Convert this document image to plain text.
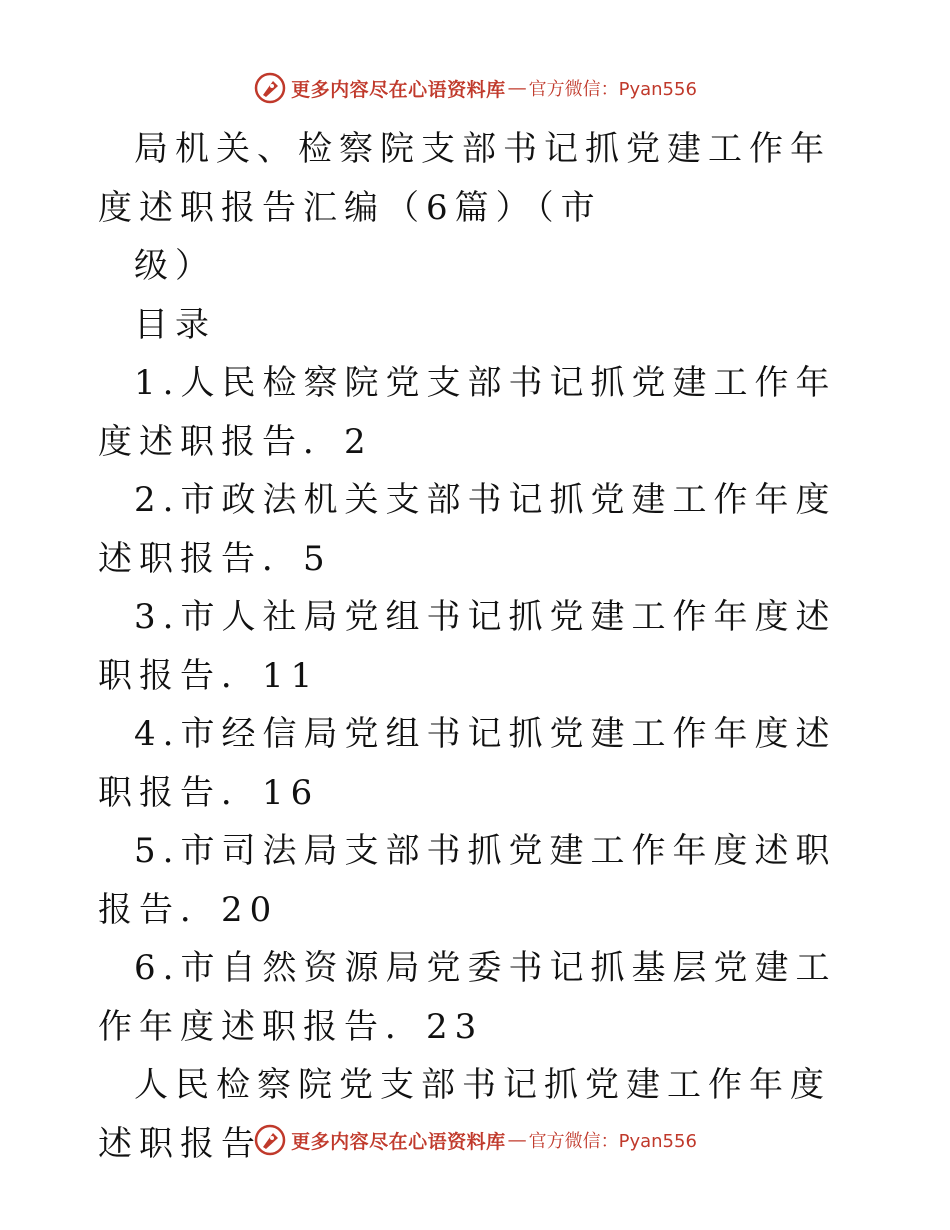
更多内容尽在心语资料库 — 官方微信：Pyan556

局机关、检察院支部书记抓党建工作年度述职报告汇编（6篇）（市

级）

目录

1.人民检察院党支部书记抓党建工作年度述职报告．2

2.市政法机关支部书记抓党建工作年度述职报告．5

3.市人社局党组书记抓党建工作年度述职报告．11

4.市经信局党组书记抓党建工作年度述职报告．16

5.市司法局支部书抓党建工作年度述职报告．20

6.市自然资源局党委书记抓基层党建工作年度述职报告．23

人民检察院党支部书记抓党建工作年度述职报告	更多内容尽在心语资料库 — 官方微信：Pyan556
